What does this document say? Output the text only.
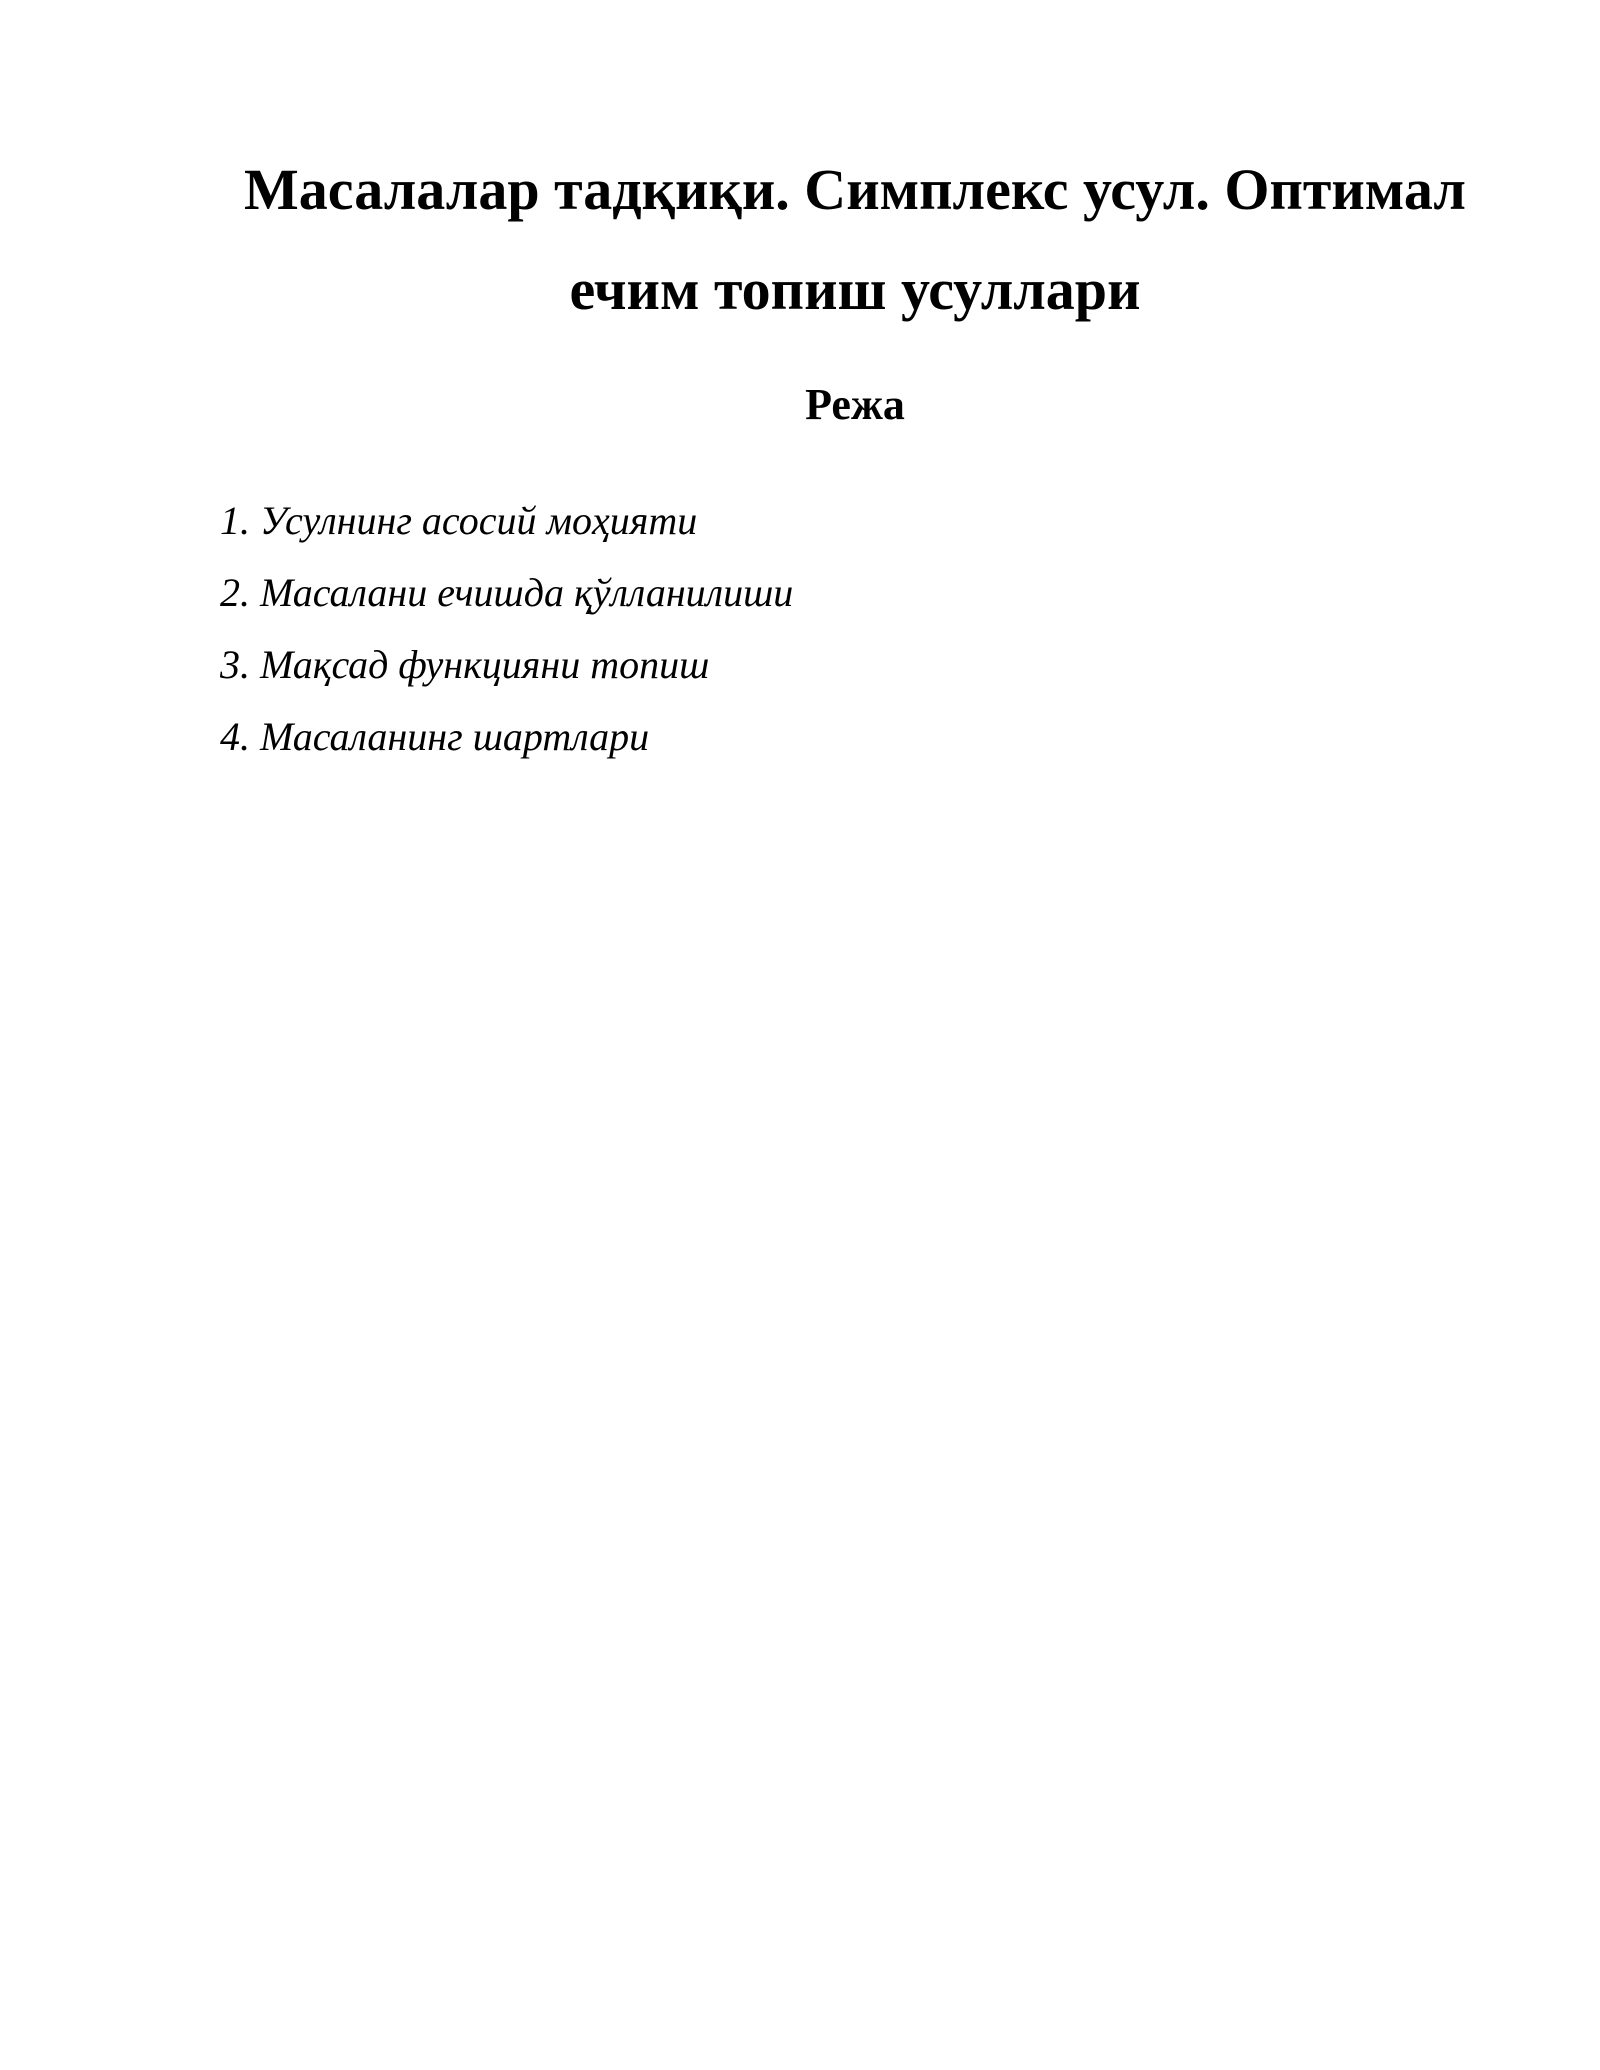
Масалалар тадқиқи. Симплекс усул. Оптимал
ечим топиш усуллари
Режа
1. Усулнинг асосий моҳияти
2. Масалани ечишда қўлланилиши
3. Мақсад функцияни топиш
4. Масаланинг шартлари
